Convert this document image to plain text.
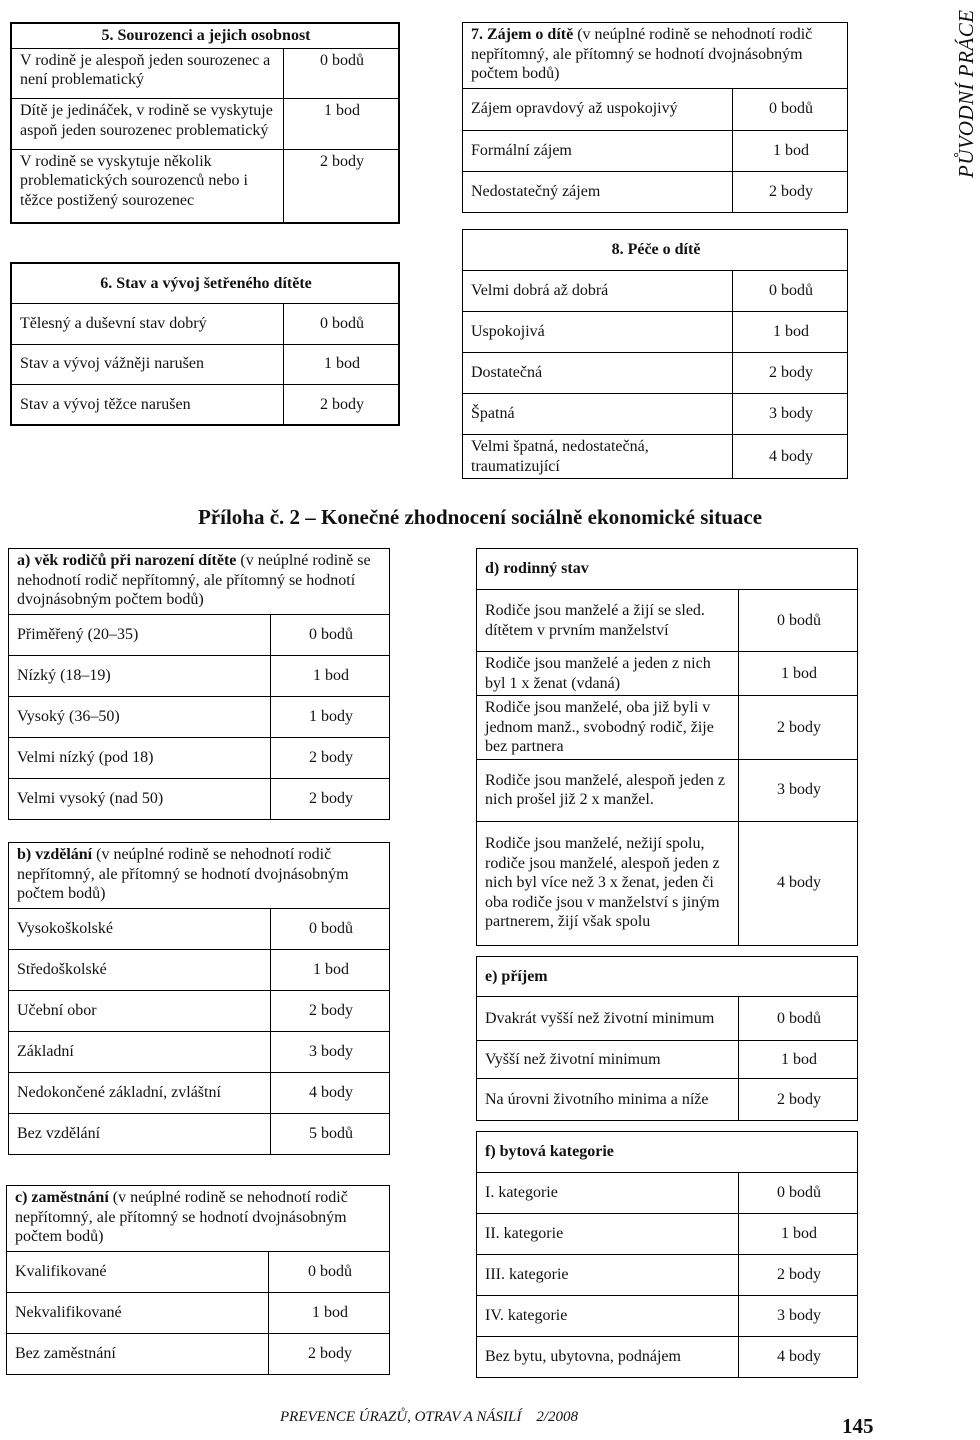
PŮVODNÍ PRÁCE
5. Sourozenci a jejich osobnost	
V rodině je alespoň jeden sourozenec a není problematický	0 bodů
Dítě je jedináček, v rodině se vyskytuje aspoň jeden sourozenec problematický	1 bod
V rodině se vyskytuje několik problematických sourozenců nebo i těžce postižený sourozenec	2 body
6. Stav a vývoj šetřeného dítěte	
Tělesný a duševní stav dobrý	0 bodů
Stav a vývoj vážněji narušen	1 bod
Stav a vývoj těžce narušen	2 body
7. Zájem o dítě (v neúplné rodině se nehodnotí rodič nepřítomný, ale přítomný se hodnotí dvojnásobným počtem bodů)	
Zájem opravdový až uspokojivý	0 bodů
Formální zájem	1 bod
Nedostatečný zájem	2 body
8. Péče o dítě	
Velmi dobrá až dobrá	0 bodů
Uspokojivá	1 bod
Dostatečná	2 body
Špatná	3 body
Velmi špatná, nedostatečná, traumatizující	4 body
Příloha č. 2 – Konečné zhodnocení sociálně ekonomické situace
a) věk rodičů při narození dítěte (v neúplné rodině se nehodnotí rodič nepřítomný, ale přítomný se hodnotí dvojnásobným počtem bodů)	
Přiměřený (20–35)	0 bodů
Nízký (18–19)	1 bod
Vysoký (36–50)	1 body
Velmi nízký (pod 18)	2 body
Velmi vysoký (nad 50)	2 body
b) vzdělání (v neúplné rodině se nehodnotí rodič nepřítomný, ale přítomný se hodnotí dvojnásobným počtem bodů)	
Vysokoškolské	0 bodů
Středoškolské	1 bod
Učební obor	2 body
Základní	3 body
Nedokončené základní, zvláštní	4 body
Bez vzdělání	5 bodů
c) zaměstnání (v neúplné rodině se nehodnotí rodič nepřítomný, ale přítomný se hodnotí dvojnásobným počtem bodů)	
Kvalifikované	0 bodů
Nekvalifikované	1 bod
Bez zaměstnání	2 body
d) rodinný stav	
Rodiče jsou manželé a žijí se sled. dítětem v prvním manželství	0 bodů
Rodiče jsou manželé a jeden z nich byl 1 x ženat (vdaná)	1 bod
Rodiče jsou manželé, oba již byli v jednom manž., svobodný rodič, žije bez partnera	2 body
Rodiče jsou manželé, alespoň jeden z nich prošel již 2 x manžel.	3 body
Rodiče jsou manželé, nežijí spolu, rodiče jsou manželé, alespoň jeden z nich byl více než 3 x ženat, jeden či oba rodiče jsou v manželství s jiným partnerem, žijí však spolu	4 body
e) příjem	
Dvakrát vyšší než životní minimum	0 bodů
Vyšší než životní minimum	1 bod
Na úrovni životního minima a níže	2 body
f) bytová kategorie	
I. kategorie	0 bodů
II. kategorie	1 bod
III. kategorie	2 body
IV. kategorie	3 body
Bez bytu, ubytovna, podnájem	4 body
PREVENCE ÚRAZŮ, OTRAV A NÁSILÍ    2/2008	145
